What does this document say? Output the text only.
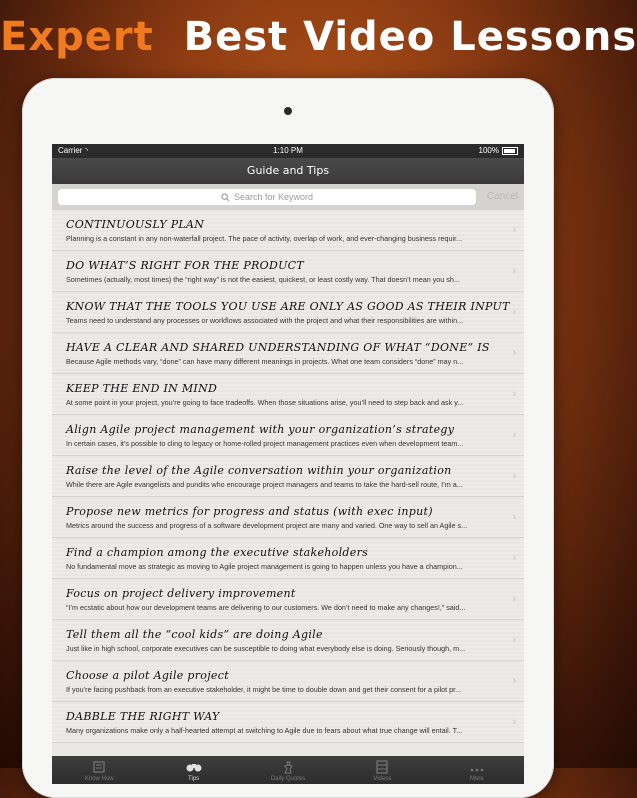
Expert Best Video Lessons
Carrier ◝	1:10 PM	100%
Guide and Tips
Search for Keyword	Cancel
CONTINUOUSLY PLAN
Planning is a constant in any non-waterfall project. The pace of activity, overlap of work, and ever-changing business requir...
›
DO WHAT’S RIGHT FOR THE PRODUCT
Sometimes (actually, most times) the “right way” is not the easiest, quickest, or least costly way. That doesn’t mean you sh...
›
KNOW THAT THE TOOLS YOU USE ARE ONLY AS GOOD AS THEIR INPUT
Teams need to understand any processes or workflows associated with the project and what their responsibilities are within...
›
HAVE A CLEAR AND SHARED UNDERSTANDING OF WHAT “DONE” IS
Because Agile methods vary, “done” can have many different meanings in projects. What one team considers “done” may n...
›
KEEP THE END IN MIND
At some point in your project, you’re going to face tradeoffs. When those situations arise, you’ll need to step back and ask y...
›
Align Agile project management with your organization’s strategy
In certain cases, it’s possible to cling to legacy or home-rolled project management practices even when development team...
›
Raise the level of the Agile conversation within your organization
While there are Agile evangelists and pundits who encourage project managers and teams to take the hard-sell route, I’m a...
›
Propose new metrics for progress and status (with exec input)
Metrics around the success and progress of a software development project are many and varied. One way to sell an Agile s...
›
Find a champion among the executive stakeholders
No fundamental move as strategic as moving to Agile project management is going to happen unless you have a champion...
›
Focus on project delivery improvement
“I’m ecstatic about how our development teams are delivering to our customers. We don’t need to make any changes!,” said...
›
Tell them all the “cool kids” are doing Agile
Just like in high school, corporate executives can be susceptible to doing what everybody else is doing. Seriously though, m...
›
Choose a pilot Agile project
If you’re facing pushback from an executive stakeholder, it might be time to double down and get their consent for a pilot pr...
›
DABBLE THE RIGHT WAY
Many organizations make only a half-hearted attempt at switching to Agile due to fears about what true change will entail. T...
›
Know How	Tips	Daily Quotes	Videos	More
